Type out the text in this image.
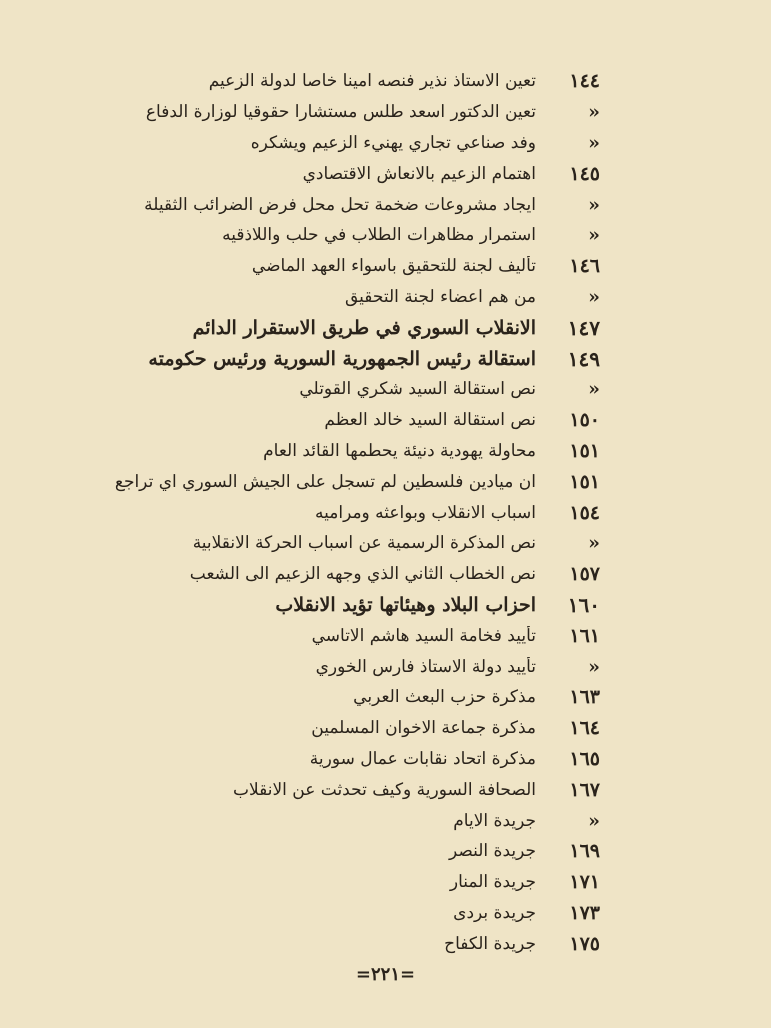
١٤٤
تعين الاستاذ نذير فنصه امينا خاصا لدولة الزعيم
«
تعين الدكتور اسعد طلس مستشارا حقوقيا لوزارة الدفاع
«
وفد صناعي تجاري يهنيء الزعيم ويشكره
١٤٥
اهتمام الزعيم بالانعاش الاقتصادي
«
ايجاد مشروعات ضخمة تحل محل فرض الضرائب الثقيلة
«
استمرار مظاهرات الطلاب في حلب واللاذقيه
١٤٦
تأليف لجنة للتحقيق باسواء العهد الماضي
«
من هم اعضاء لجنة التحقيق
١٤٧
الانقلاب السوري في طريق الاستقرار الدائم
١٤٩
استقالة رئيس الجمهورية السورية ورئيس حكومته
«
نص استقالة السيد شكري القوتلي
١٥٠
نص استقالة السيد خالد العظم
١٥١
محاولة يهودية دنيئة يحطمها القائد العام
١٥١
ان ميادين فلسطين لم تسجل على الجيش السوري اي تراجع
١٥٤
اسباب الانقلاب وبواعثه ومراميه
«
نص المذكرة الرسمية عن اسباب الحركة الانقلابية
١٥٧
نص الخطاب الثاني الذي وجهه الزعيم الى الشعب
١٦٠
احزاب البلاد وهيئاتها تؤيد الانقلاب
١٦١
تأييد فخامة السيد هاشم الاتاسي
«
تأييد دولة الاستاذ فارس الخوري
١٦٣
مذكرة حزب البعث العربي
١٦٤
مذكرة جماعة الاخوان المسلمين
١٦٥
مذكرة اتحاد نقابات عمال سورية
١٦٧
الصحافة السورية وكيف تحدثت عن الانقلاب
«
جريدة الايام
١٦٩
جريدة النصر
١٧١
جريدة المنار
١٧٣
جريدة بردى
١٧٥
جريدة الكفاح
=٢٢١=
